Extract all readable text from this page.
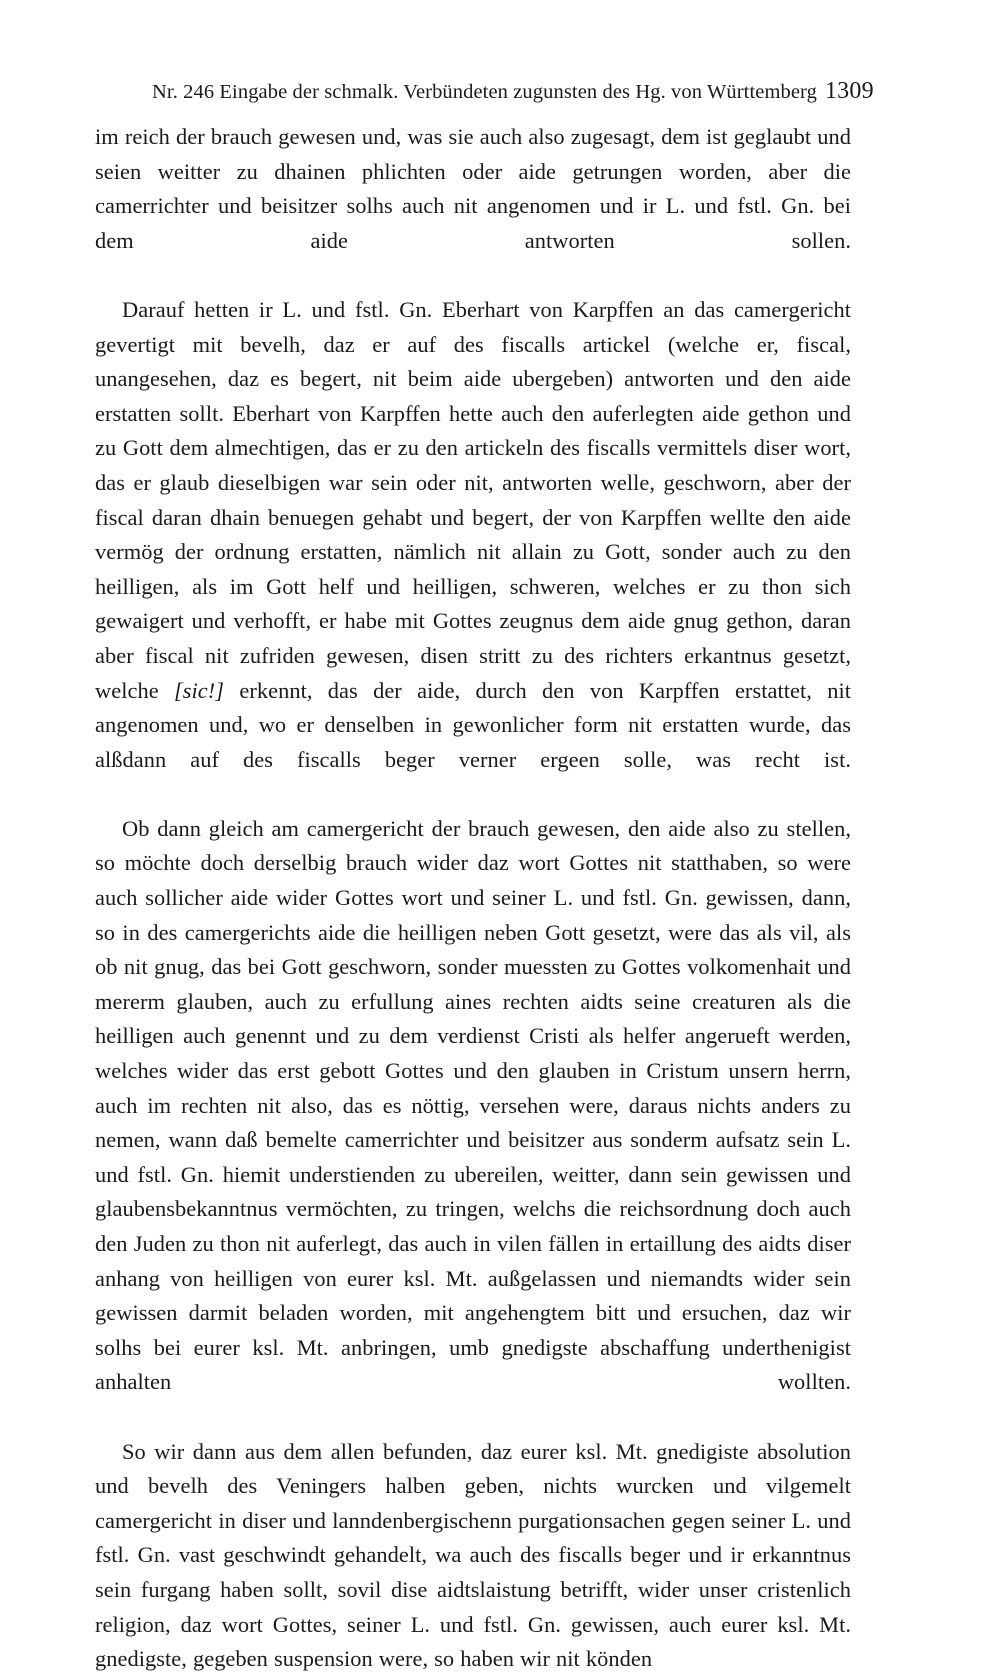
Nr. 246 Eingabe der schmalk. Verbündeten zugunsten des Hg. von Württemberg 1309

im reich der brauch gewesen und, was sie auch also zugesagt, dem ist geglaubt und seien weitter zu dhainen phlichten oder aide getrungen worden, aber die camerrichter und beisitzer solhs auch nit angenomen und ir L. und fstl. Gn. bei dem aide antworten sollen.

Darauf hetten ir L. und fstl. Gn. Eberhart von Karpffen an das camergericht gevertigt mit bevelh, daz er auf des fiscalls artickel (welche er, fiscal, unangesehen, daz es begert, nit beim aide ubergeben) antworten und den aide erstatten sollt. Eberhart von Karpffen hette auch den auferlegten aide gethon und zu Gott dem almechtigen, das er zu den artickeln des fiscalls vermittels diser wort, das er glaub dieselbigen war sein oder nit, antworten welle, geschworn, aber der fiscal daran dhain benuegen gehabt und begert, der von Karpffen wellte den aide vermög der ordnung erstatten, nämlich nit allain zu Gott, sonder auch zu den heilligen, als im Gott helf und heilligen, schweren, welches er zu thon sich gewaigert und verhofft, er habe mit Gottes zeugnus dem aide gnug gethon, daran aber fiscal nit zufriden gewesen, disen stritt zu des richters erkantnus gesetzt, welche [sic!] erkennt, das der aide, durch den von Karpffen erstattet, nit angenomen und, wo er denselben in gewonlicher form nit erstatten wurde, das alßdann auf des fiscalls beger verner ergeen solle, was recht ist.

Ob dann gleich am camergericht der brauch gewesen, den aide also zu stellen, so möchte doch derselbig brauch wider daz wort Gottes nit statthaben, so were auch sollicher aide wider Gottes wort und seiner L. und fstl. Gn. gewissen, dann, so in des camergerichts aide die heilligen neben Gott gesetzt, were das als vil, als ob nit gnug, das bei Gott geschworn, sonder muessten zu Gottes volkomenhait und mererm glauben, auch zu erfullung aines rechten aidts seine creaturen als die heilligen auch genennt und zu dem verdienst Cristi als helfer angerueft werden, welches wider das erst gebott Gottes und den glauben in Cristum unsern herrn, auch im rechten nit also, das es nöttig, versehen were, daraus nichts anders zu nemen, wann daß bemelte camerrichter und beisitzer aus sonderm aufsatz sein L. und fstl. Gn. hiemit understienden zu ubereilen, weitter, dann sein gewissen und glaubensbekanntnus vermöchten, zu tringen, welchs die reichsordnung doch auch den Juden zu thon nit auferlegt, das auch in vilen fällen in ertaillung des aidts diser anhang von heilligen von eurer ksl. Mt. außgelassen und niemandts wider sein gewissen darmit beladen worden, mit angehengtem bitt und ersuchen, daz wir solhs bei eurer ksl. Mt. anbringen, umb gnedigste abschaffung underthenigist anhalten wollten.

So wir dann aus dem allen befunden, daz eurer ksl. Mt. gnedigiste absolution und bevelh des Veningers halben geben, nichts wurcken und vilgemelt camergericht in diser und lanndenbergischenn purgationsachen gegen seiner L. und fstl. Gn. vast geschwindt gehandelt, wa auch des fiscalls beger und ir erkanntnus sein furgang haben sollt, sovil dise aidtslaistung betrifft, wider unser cristenlich religion, daz wort Gottes, seiner L. und fstl. Gn. gewissen, auch eurer ksl. Mt. gnedigste, gegeben suspension were, so haben wir nit könden
